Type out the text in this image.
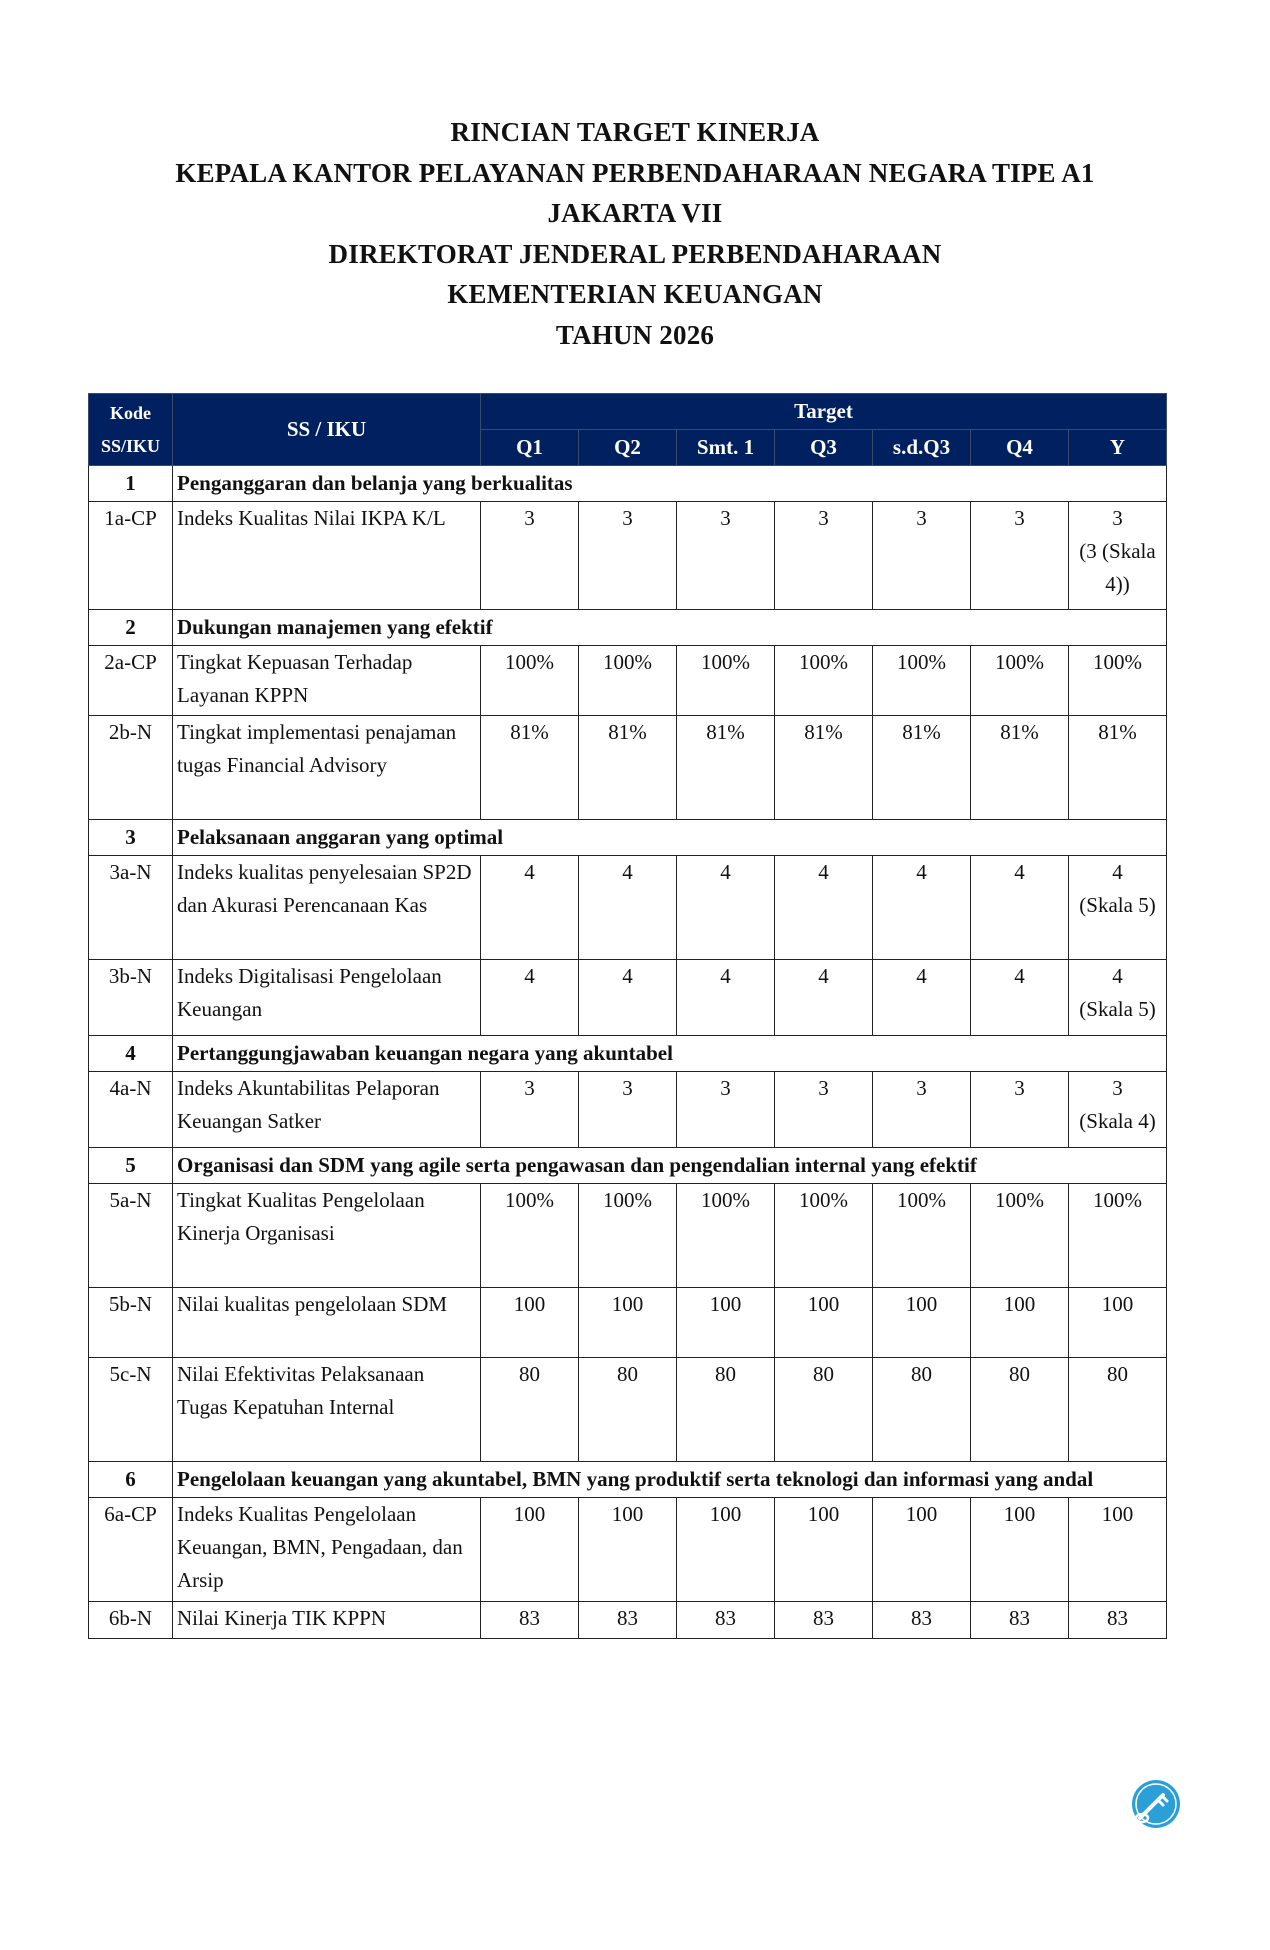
RINCIAN TARGET KINERJA
KEPALA KANTOR PELAYANAN PERBENDAHARAAN NEGARA TIPE A1
JAKARTA VII
DIREKTORAT JENDERAL PERBENDAHARAAN
KEMENTERIAN KEUANGAN
TAHUN 2026
Kode
SS/IKU	SS / IKU	Target						
		Q1	Q2	Smt. 1	Q3	s.d.Q3	Q4	Y
1	Penganggaran dan belanja yang berkualitas							
1a-CP	Indeks Kualitas Nilai IKPA K/L	3	3	3	3	3	3	3
(3 (Skala 4))

2	Dukungan manajemen yang efektif							
2a-CP	Tingkat Kepuasan Terhadap Layanan KPPN	100%	100%	100%	100%	100%	100%	100%

2b-N	Tingkat implementasi penajaman tugas Financial Advisory	81%	81%	81%	81%	81%	81%	81%

3	Pelaksanaan anggaran yang optimal							
3a-N	Indeks kualitas penyelesaian SP2D dan Akurasi Perencanaan Kas	4	4	4	4	4	4	4
(Skala 5)

3b-N	Indeks Digitalisasi Pengelolaan Keuangan	4	4	4	4	4	4	4
(Skala 5)

4	Pertanggungjawaban keuangan negara yang akuntabel							
4a-N	Indeks Akuntabilitas Pelaporan Keuangan Satker	3	3	3	3	3	3	3
(Skala 4)

5	Organisasi dan SDM yang agile serta pengawasan dan pengendalian internal yang efektif							
5a-N	Tingkat Kualitas Pengelolaan Kinerja Organisasi	100%	100%	100%	100%	100%	100%	100%

5b-N	Nilai kualitas pengelolaan SDM	100	100	100	100	100	100	100

5c-N	Nilai Efektivitas Pelaksanaan Tugas Kepatuhan Internal	80	80	80	80	80	80	80

6	Pengelolaan keuangan yang akuntabel, BMN yang produktif serta teknologi dan informasi yang andal							
6a-CP	Indeks Kualitas Pengelolaan Keuangan, BMN, Pengadaan, dan Arsip	100	100	100	100	100	100	100

6b-N	Nilai Kinerja TIK KPPN	83	83	83	83	83	83	83
